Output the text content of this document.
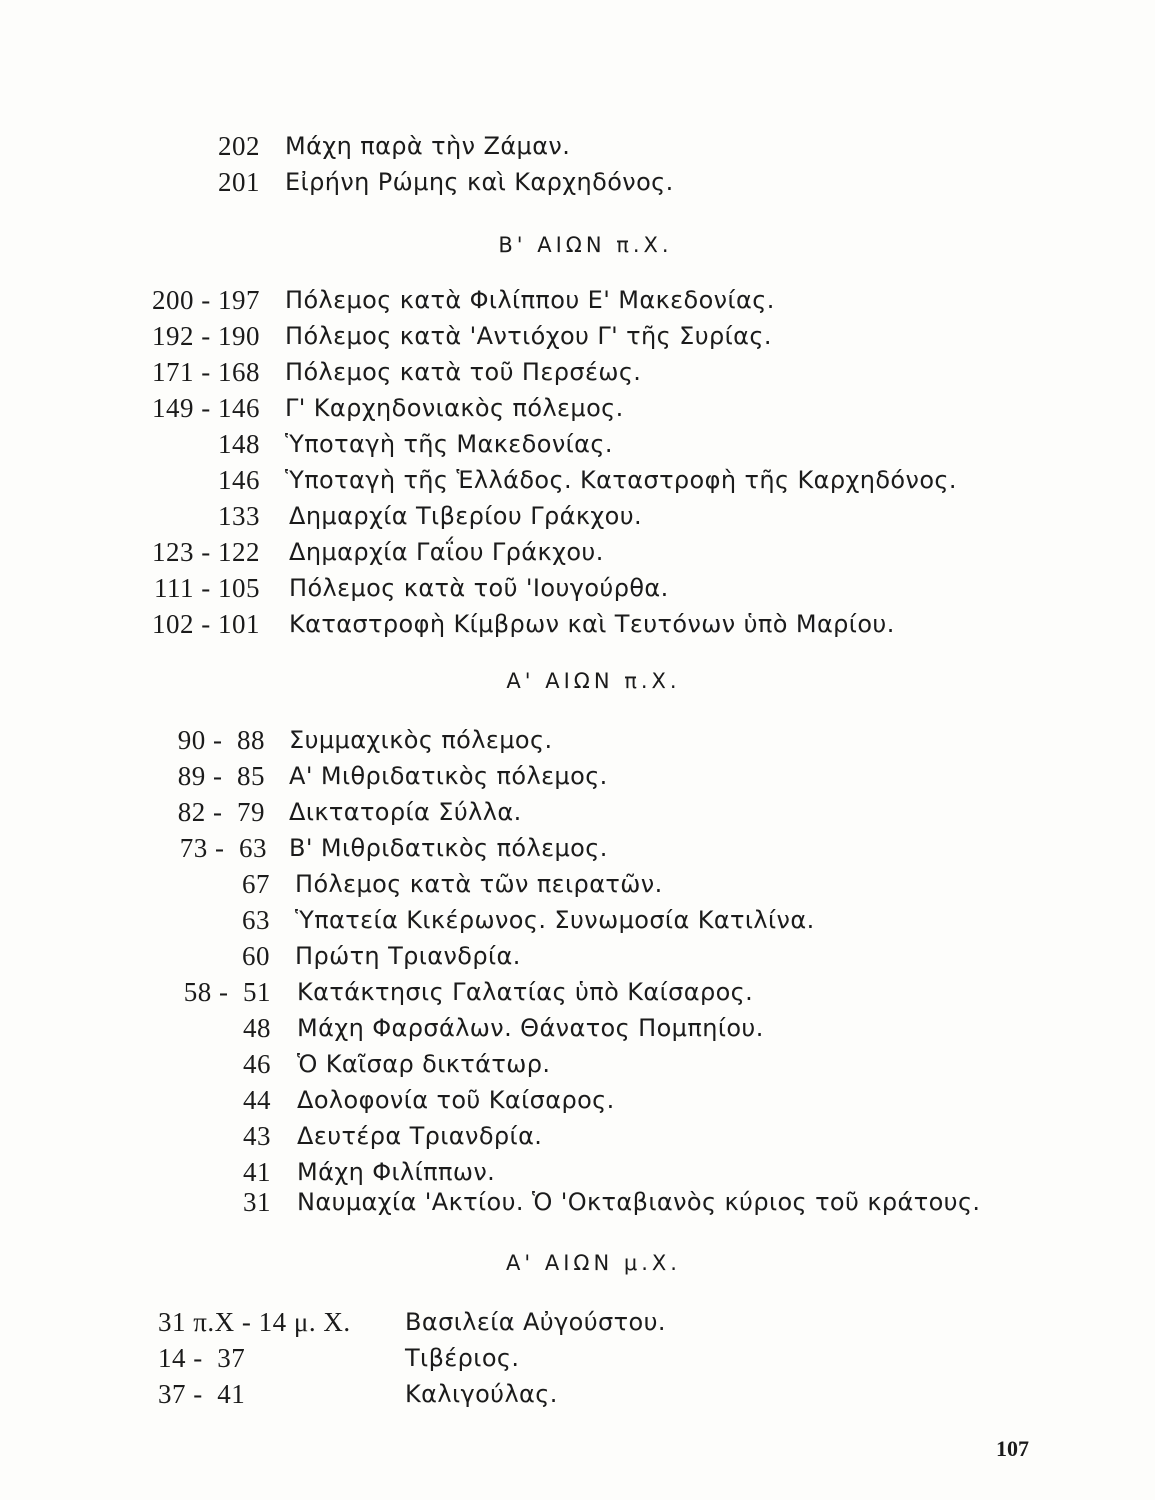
202 Μάχη παρὰ τὴν Ζάμαν.
201 Εἰρήνη Ρώμης καὶ Καρχηδόνος.
Β' ΑΙΩΝ π.Χ.
200 - 197 Πόλεμος κατὰ Φιλίππου Ε' Μακεδονίας.
192 - 190 Πόλεμος κατὰ 'Αντιόχου Γ' τῆς Συρίας.
171 - 168 Πόλεμος κατὰ τοῦ Περσέως.
149 - 146 Γ' Καρχηδονιακὸς πόλεμος.
148 Ὑποταγὴ τῆς Μακεδονίας.
146 Ὑποταγὴ τῆς Ἑλλάδος. Καταστροφὴ τῆς Καρχηδόνος.
133 Δημαρχία Τιβερίου Γράκχου.
123 - 122 Δημαρχία Γαΐου Γράκχου.
111 - 105 Πόλεμος κατὰ τοῦ 'Ιουγούρθα.
102 - 101 Καταστροφὴ Κίμβρων καὶ Τευτόνων ὑπὸ Μαρίου.
Α' ΑΙΩΝ π.Χ.
90 -  88 Συμμαχικὸς πόλεμος.
89 -  85 Α' Μιθριδατικὸς πόλεμος.
82 -  79 Δικτατορία Σύλλα.
73 -  63 Β' Μιθριδατικὸς πόλεμος.
67 Πόλεμος κατὰ τῶν πειρατῶν.
63 Ὑπατεία Κικέρωνος. Συνωμοσία Κατιλίνα.
60 Πρώτη Τριανδρία.
58 -  51 Κατάκτησις Γαλατίας ὑπὸ Καίσαρος.
48 Μάχη Φαρσάλων. Θάνατος Πομπηίου.
46 Ὁ Καῖσαρ δικτάτωρ.
44 Δολοφονία τοῦ Καίσαρος.
43 Δευτέρα Τριανδρία.
41 Μάχη Φιλίππων.
31 Ναυμαχία 'Ακτίου. Ὁ 'Οκταβιανὸς κύριος τοῦ κράτους.
Α' ΑΙΩΝ μ.Χ.
31 π.Χ - 14 μ. Χ. Βασιλεία Αὐγούστου.
14 -  37	Τιβέριος.
37 -  41	Καλιγούλας.
107
